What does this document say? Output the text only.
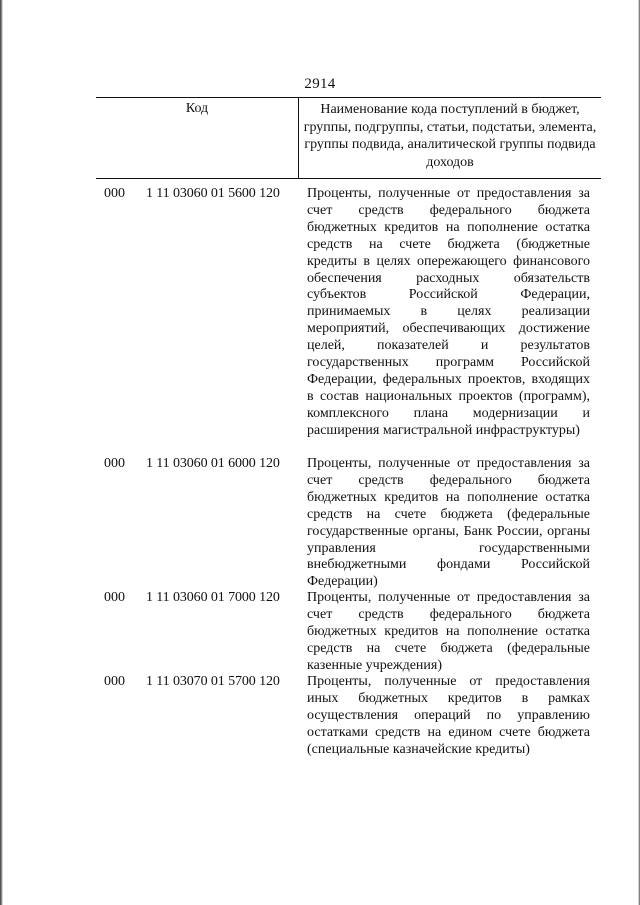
2914
Код	Наименование кода поступлений в бюджет, группы, подгруппы, статьи, подстатьи, элемента, группы подвида, аналитической группы подвида доходов
000 1 11 03060 01 5600 120 Проценты, полученные от предоставления за счет средств федерального бюджета бюджетных кредитов на пополнение остатка средств на счете бюджета (бюджетные кредиты в целях опережающего финансового обеспечения расходных обязательств субъектов Российской Федерации, принимаемых в целях реализации мероприятий, обеспечивающих достижение целей, показателей и результатов государственных программ Российской Федерации, федеральных проектов, входящих в состав национальных проектов (программ), комплексного плана модернизации и расширения магистральной инфраструктуры)
000 1 11 03060 01 6000 120 Проценты, полученные от предоставления за счет средств федерального бюджета бюджетных кредитов на пополнение остатка средств на счете бюджета (федеральные государственные органы, Банк России, органы управления государственными внебюджетными фондами Российской Федерации)
000 1 11 03060 01 7000 120 Проценты, полученные от предоставления за счет средств федерального бюджета бюджетных кредитов на пополнение остатка средств на счете бюджета (федеральные казенные учреждения)
000 1 11 03070 01 5700 120 Проценты, полученные от предоставления иных бюджетных кредитов в рамках осуществления операций по управлению остатками средств на едином счете бюджета (специальные казначейские кредиты)
